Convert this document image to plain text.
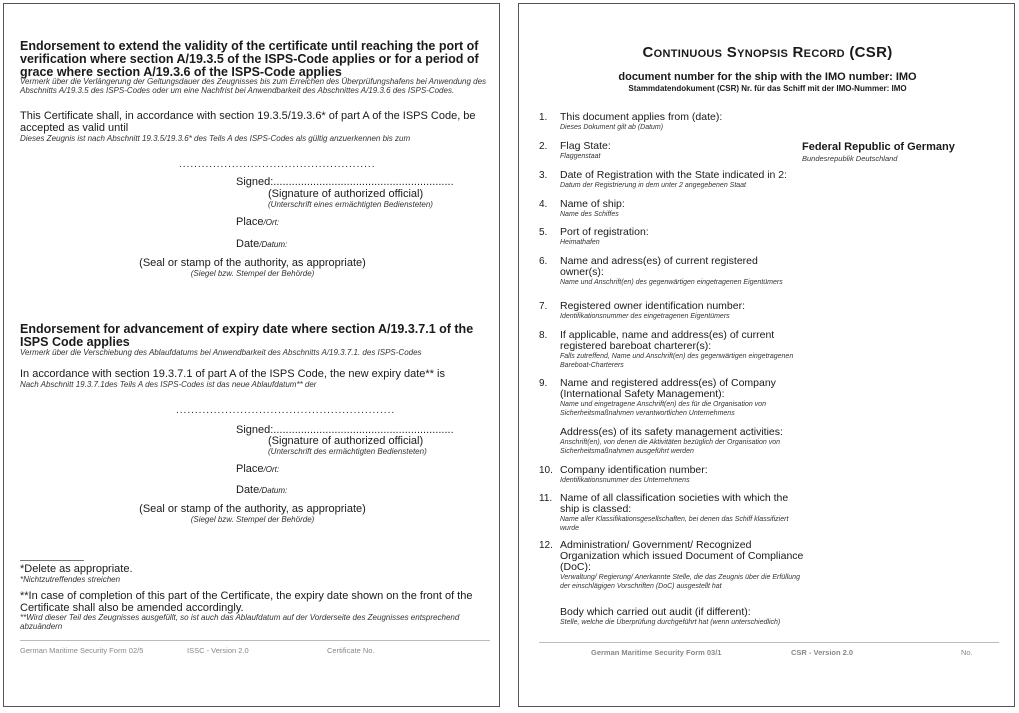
Endorsement to extend the validity of the certificate until reaching the port of verification where section A/19.3.5 of the ISPS-Code applies or for a period of grace where section A/19.3.6 of the ISPS-Code applies
Vermerk über die Verlängerung der Geltungsdauer des Zeugnisses bis zum Erreichen des Überprüfungshafens bei Anwendung des Abschnitts A/19.3.5 des ISPS-Codes oder um eine Nachfrist bei Anwendbarkeit des Abschnittes A/19.3.6 des ISPS-Codes.
This Certificate shall, in accordance with section 19.3.5/19.3.6* of part A of the ISPS Code, be accepted as valid until
Dieses Zeugnis ist nach Abschnitt 19.3.5/19.3.6* des Teils A des ISPS-Codes als gültig anzuerkennen bis zum
....................................................
Signed:...........................................................
(Signature of authorized official)
(Unterschrift eines ermächtigten Bediensteten)
Place/Ort:
Date/Datum:
(Seal or stamp of the authority, as appropriate)
(Siegel bzw. Stempel der Behörde)
Endorsement for advancement of expiry date where section A/19.3.7.1 of the ISPS Code applies
Vermerk über die Verschiebung des Ablaufdatums bei Anwendbarkeit des Abschnitts A/19.3.7.1. des ISPS-Codes
In accordance with section 19.3.7.1 of part A of the ISPS Code, the new expiry date** is
Nach Abschnitt 19.3.7.1des Teils A des ISPS-Codes ist das neue Ablaufdatum** der
..........................................................
Signed:...........................................................
(Signature of authorized official)
(Unterschrift des ermächtigten Bediensteten)
Place/Ort:
Date/Datum:
(Seal or stamp of the authority, as appropriate)
(Siegel bzw. Stempel der Behörde)
*Delete as appropriate.
*Nichtzutreffendes streichen
**In case of completion of this part of the Certificate, the expiry date shown on the front of the Certificate shall also be amended accordingly.
**Wird dieser Teil des Zeugnisses ausgefüllt, so ist auch das Ablaufdatum auf der Vorderseite des Zeugnisses entsprechend abzuändern
German Maritime Security Form 02/5	ISSC - Version 2.0	Certificate No.
Continuous Synopsis Record (CSR)
document number for the ship with the IMO number: IMO
Stammdatendokument (CSR) Nr. für das Schiff mit der IMO-Nummer: IMO
1. This document applies from (date):
Dieses Dokument gilt ab (Datum)
2. Flag State:
Flaggenstaat
Federal Republic of Germany
Bundesrepublik Deutschland
3. Date of Registration with the State indicated in 2:
Datum der Registrierung in dem unter 2 angegebenen Staat
4. Name of ship:
Name des Schiffes
5. Port of registration:
Heimathafen
6. Name and adress(es) of current registered owner(s):
Name und Anschrift(en) des gegenwärtigen eingetragenen Eigentümers
7. Registered owner identification number:
Identifikationsnummer des eingetragenen Eigentümers
8. If applicable, name and address(es) of current registered bareboat charterer(s):
Falls zutreffend, Name und Anschrift(en) des gegenwärtigen eingetragenen Bareboat-Charterers
9. Name and registered address(es) of Company (International Safety Management):
Name und eingetragene Anschrift(en) des für die Organisation von Sicherheitsmaßnahmen verantwortlichen Unternehmens
Address(es) of its safety management activities:
Anschrift(en), von denen die Aktivitäten bezüglich der Organisation von Sicherheitsmaßnahmen ausgeführt werden
10. Company identification number:
Identifikationsnummer des Unternehmens
11. Name of all classification societies with which the ship is classed:
Name aller Klassifikationsgesellschaften, bei denen das Schiff klassifiziert wurde
12. Administration/ Government/ Recognized Organization which issued Document of Compliance (DoC):
Verwaltung/ Regierung/ Anerkannte Stelle, die das Zeugnis über die Erfüllung der einschlägigen Vorschriften (DoC) ausgestellt hat
Body which carried out audit (if different):
Stelle, welche die Überprüfung durchgeführt hat (wenn unterschiedlich)
German Maritime Security Form 03/1	CSR - Version 2.0	No.
